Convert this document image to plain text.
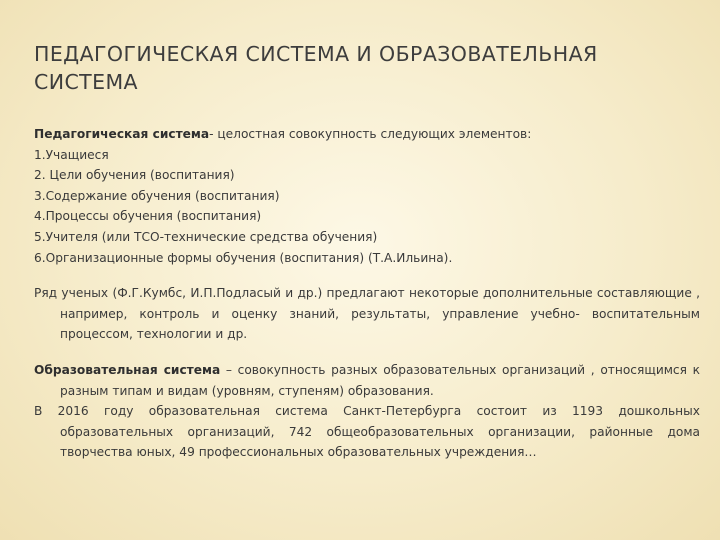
ПЕДАГОГИЧЕСКАЯ СИСТЕМА И ОБРАЗОВАТЕЛЬНАЯ СИСТЕМА

Педагогическая система- целостная совокупность следующих элементов:

1.Учащиеся

2. Цели обучения (воспитания)

3.Содержание обучения (воспитания)

4.Процессы обучения (воспитания)

5.Учителя (или ТСО-технические средства обучения)

6.Организационные формы обучения (воспитания) (Т.А.Ильина).

Ряд ученых (Ф.Г.Кумбс, И.П.Подласый и др.) предлагают некоторые дополнительные составляющие , например, контроль и оценку знаний, результаты, управление учебно- воспитательным процессом, технологии и др.

Образовательная система – совокупность разных образовательных организаций , относящимся к разным типам и видам (уровням, ступеням) образования.

В 2016 году образовательная система Санкт-Петербурга состоит из 1193 дошкольных образовательных организаций, 742 общеобразовательных организации, районные дома творчества юных, 49 профессиональных образовательных учреждения…
